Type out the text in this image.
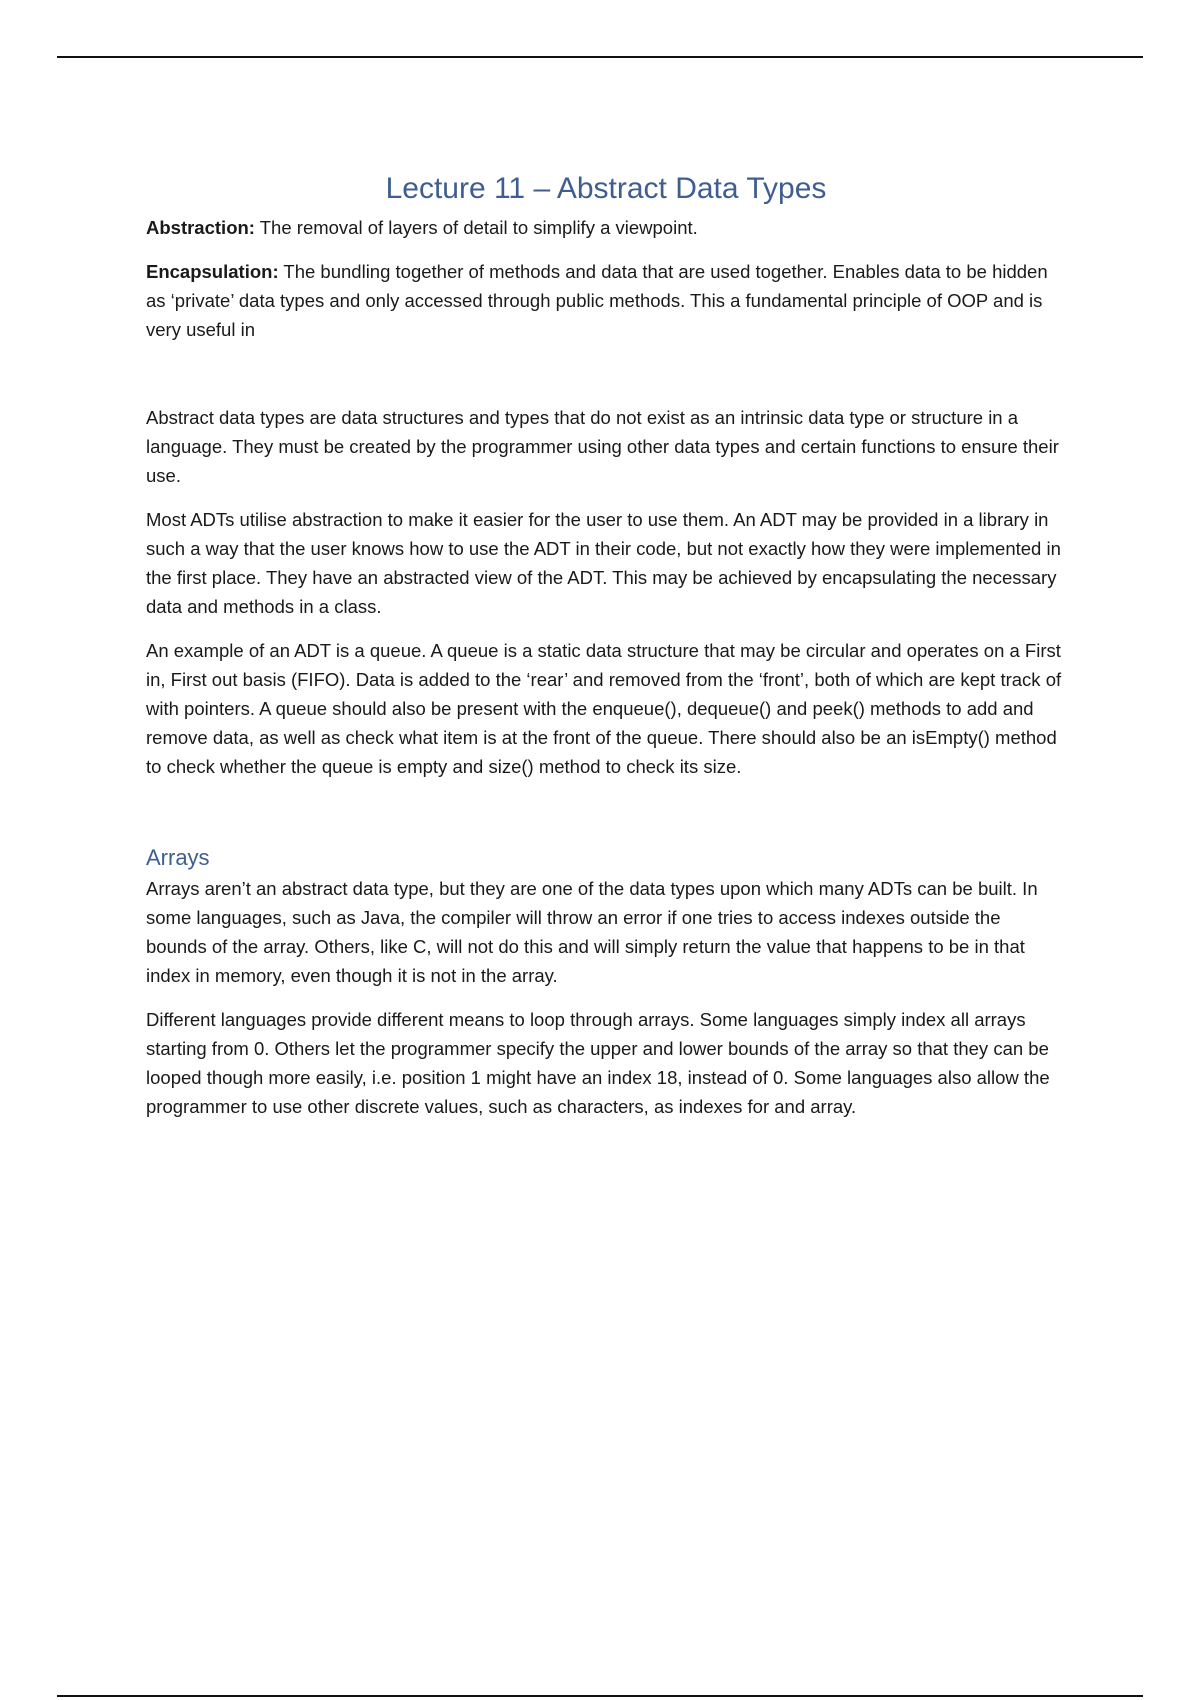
Lecture 11 – Abstract Data Types

Abstraction: The removal of layers of detail to simplify a viewpoint.

Encapsulation: The bundling together of methods and data that are used together. Enables data to be hidden as ‘private’ data types and only accessed through public methods. This a fundamental principle of OOP and is very useful in

Abstract data types are data structures and types that do not exist as an intrinsic data type or structure in a language. They must be created by the programmer using other data types and certain functions to ensure their use.

Most ADTs utilise abstraction to make it easier for the user to use them. An ADT may be provided in a library in such a way that the user knows how to use the ADT in their code, but not exactly how they were implemented in the first place. They have an abstracted view of the ADT. This may be achieved by encapsulating the necessary data and methods in a class.

An example of an ADT is a queue. A queue is a static data structure that may be circular and operates on a First in, First out basis (FIFO). Data is added to the ‘rear’ and removed from the ‘front’, both of which are kept track of with pointers. A queue should also be present with the enqueue(), dequeue() and peek() methods to add and remove data, as well as check what item is at the front of the queue. There should also be an isEmpty() method to check whether the queue is empty and size() method to check its size.

Arrays

Arrays aren’t an abstract data type, but they are one of the data types upon which many ADTs can be built. In some languages, such as Java, the compiler will throw an error if one tries to access indexes outside the bounds of the array. Others, like C, will not do this and will simply return the value that happens to be in that index in memory, even though it is not in the array.

Different languages provide different means to loop through arrays. Some languages simply index all arrays starting from 0. Others let the programmer specify the upper and lower bounds of the array so that they can be looped though more easily, i.e. position 1 might have an index 18, instead of 0. Some languages also allow the programmer to use other discrete values, such as characters, as indexes for and array.
